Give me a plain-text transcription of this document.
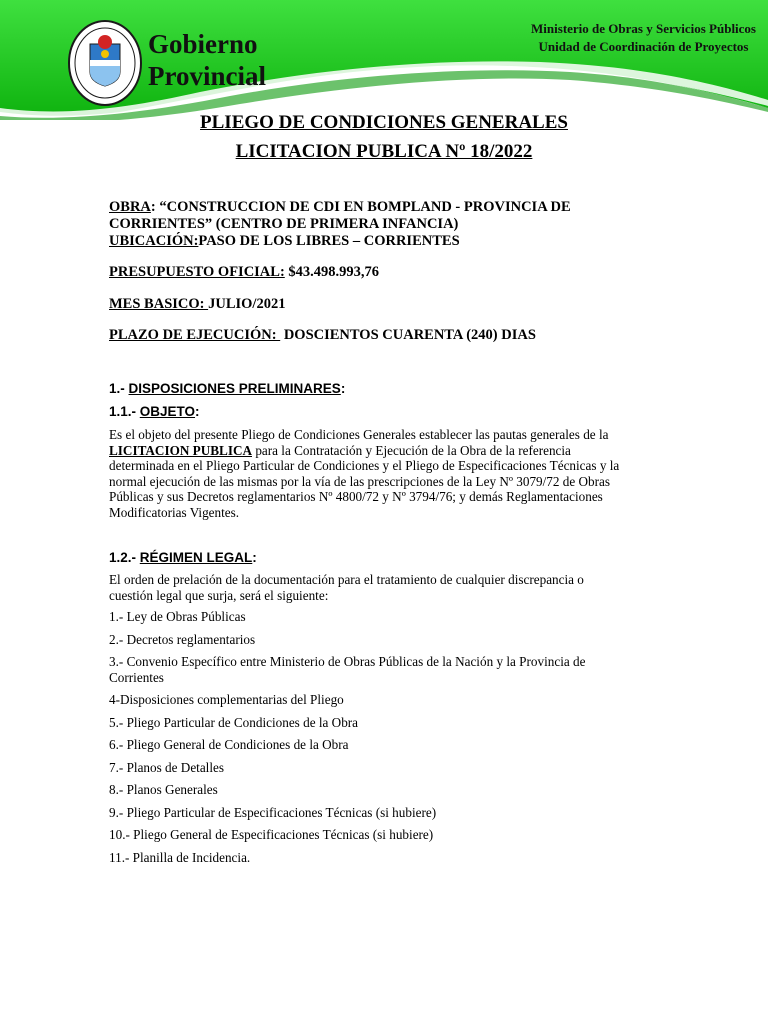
Gobierno
Provincial
Ministerio de Obras y Servicios Públicos
Unidad de Coordinación de Proyectos
PLIEGO DE CONDICIONES GENERALES
LICITACION PUBLICA Nº 18/2022
OBRA: “CONSTRUCCION DE CDI EN BOMPLAND - PROVINCIA DE
CORRIENTES” (CENTRO DE PRIMERA INFANCIA)
UBICACIÓN:PASO DE LOS LIBRES – CORRIENTES
PRESUPUESTO OFICIAL: $43.498.993,76
MES BASICO: JULIO/2021
PLAZO DE EJECUCIÓN:  DOSCIENTOS CUARENTA (240) DIAS
1.- DISPOSICIONES PRELIMINARES:
1.1.- OBJETO:
Es el objeto del presente Pliego de Condiciones Generales establecer las pautas generales de la
LICITACION PUBLICA para la Contratación y Ejecución de la Obra de la referencia
determinada en el Pliego Particular de Condiciones y el Pliego de Especificaciones Técnicas y la
normal ejecución de las mismas por la vía de las prescripciones de la Ley Nº 3079/72 de Obras
Públicas y sus Decretos reglamentarios Nº 4800/72 y Nº 3794/76; y demás Reglamentaciones
Modificatorias Vigentes.
1.2.- RÉGIMEN LEGAL:
El orden de prelación de la documentación para el tratamiento de cualquier discrepancia o
cuestión legal que surja, será el siguiente:
1.- Ley de Obras Públicas
2.- Decretos reglamentarios
3.- Convenio Específico entre Ministerio de Obras Públicas de la Nación y la Provincia de
Corrientes
4-Disposiciones complementarias del Pliego
5.- Pliego Particular de Condiciones de la Obra
6.- Pliego General de Condiciones de la Obra
7.- Planos de Detalles
8.- Planos Generales
9.- Pliego Particular de Especificaciones Técnicas (si hubiere)
10.- Pliego General de Especificaciones Técnicas (si hubiere)
11.- Planilla de Incidencia.
